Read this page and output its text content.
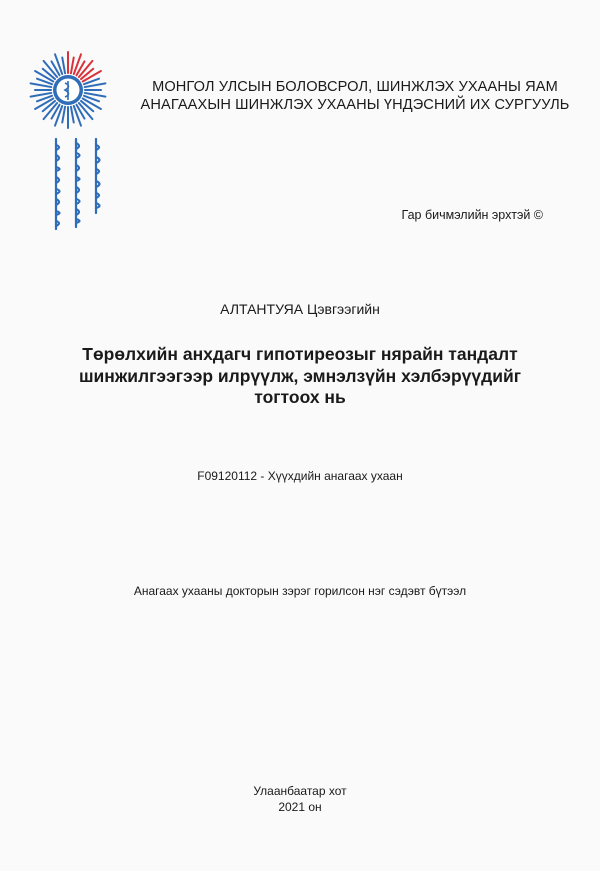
МОНГОЛ УЛСЫН БОЛОВСРОЛ, ШИНЖЛЭХ УХААНЫ ЯАМ
АНАГААХЫН ШИНЖЛЭХ УХААНЫ ҮНДЭСНИЙ ИХ СУРГУУЛЬ
Гар бичмэлийн эрхтэй ©
АЛТАНТУЯА Цэвгээгийн
Төрөлхийн анхдагч гипотиреозыг нярайн тандалт
шинжилгээгээр илрүүлж, эмнэлзүйн хэлбэрүүдийг
тогтоох нь
F09120112 - Хүүхдийн анагаах ухаан
Анагаах ухааны докторын зэрэг горилсон нэг сэдэвт бүтээл
Улаанбаатар хот
2021 он
